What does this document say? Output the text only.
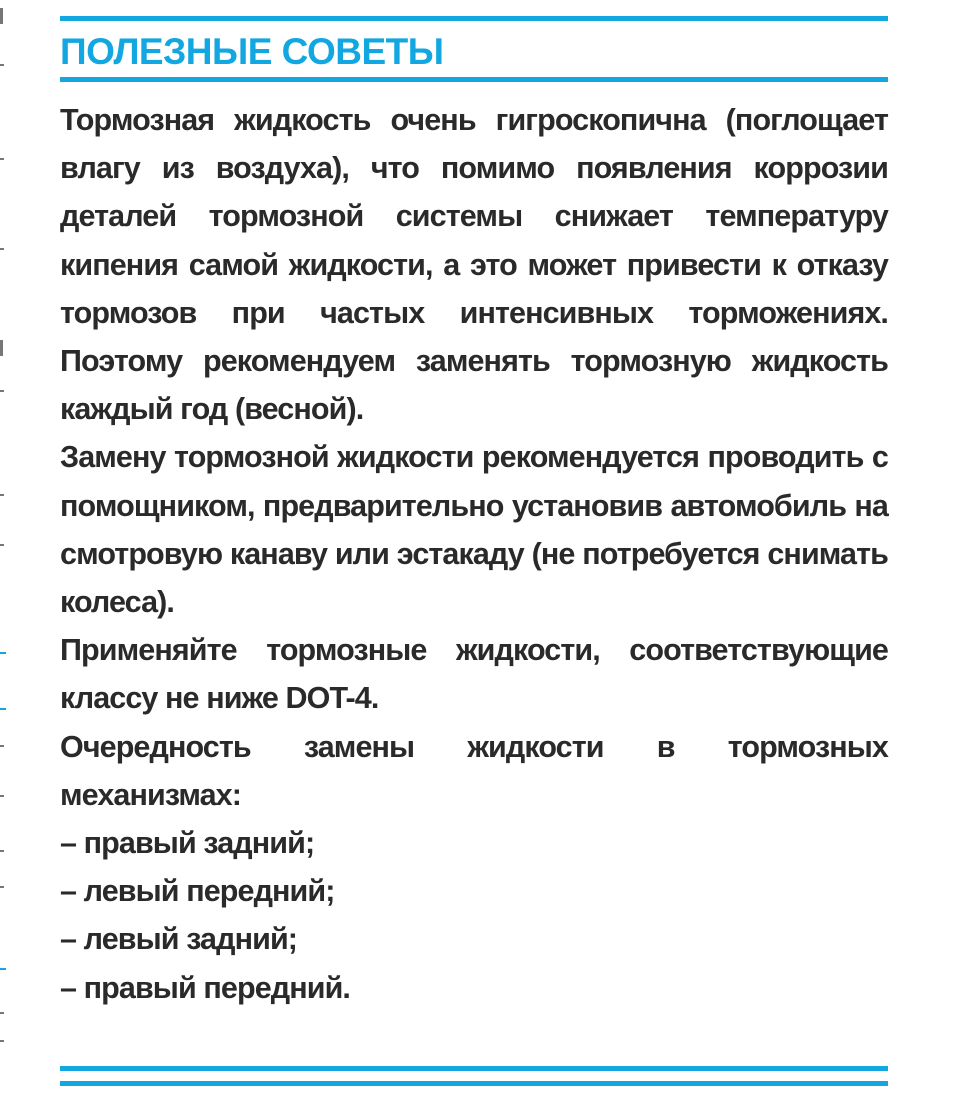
ПОЛЕЗНЫЕ СОВЕТЫ

Тормозная жидкость очень гигроскопична (поглощает влагу из воздуха), что помимо появления коррозии деталей тормозной системы снижает температуру кипения самой жидкости, а это может привести к отказу тормозов при частых интенсивных торможениях. Поэтому рекомендуем заменять тормозную жидкость каждый год (весной).

Замену тормозной жидкости рекомендуется проводить с помощником, предварительно установив автомобиль на смотровую канаву или эстакаду (не потребуется снимать колеса).

Применяйте тормозные жидкости, соответствующие классу не ниже DOT-4.

Очередность замены жидкости в тормозных механизмах:

– правый задний;

– левый передний;

– левый задний;

– правый передний.
